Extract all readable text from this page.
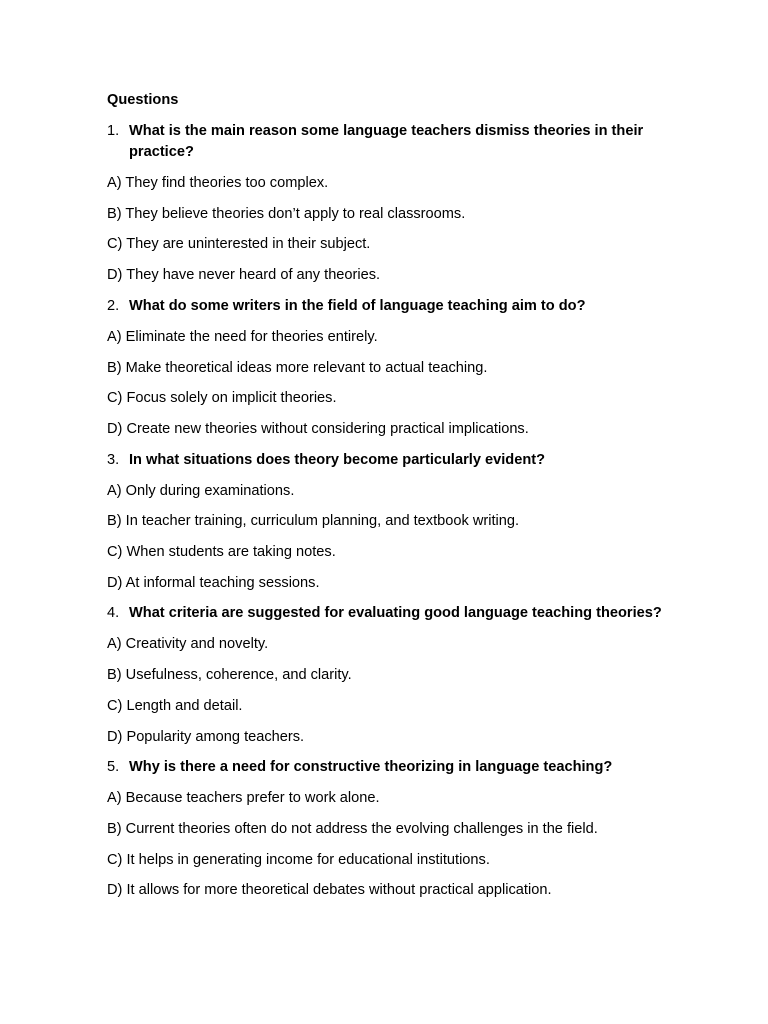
Questions
1. What is the main reason some language teachers dismiss theories in their practice?
A) They find theories too complex.
B) They believe theories don’t apply to real classrooms.
C) They are uninterested in their subject.
D) They have never heard of any theories.
2. What do some writers in the field of language teaching aim to do?
A) Eliminate the need for theories entirely.
B) Make theoretical ideas more relevant to actual teaching.
C) Focus solely on implicit theories.
D) Create new theories without considering practical implications.
3. In what situations does theory become particularly evident?
A) Only during examinations.
B) In teacher training, curriculum planning, and textbook writing.
C) When students are taking notes.
D) At informal teaching sessions.
4. What criteria are suggested for evaluating good language teaching theories?
A) Creativity and novelty.
B) Usefulness, coherence, and clarity.
C) Length and detail.
D) Popularity among teachers.
5. Why is there a need for constructive theorizing in language teaching?
A) Because teachers prefer to work alone.
B) Current theories often do not address the evolving challenges in the field.
C) It helps in generating income for educational institutions.
D) It allows for more theoretical debates without practical application.
